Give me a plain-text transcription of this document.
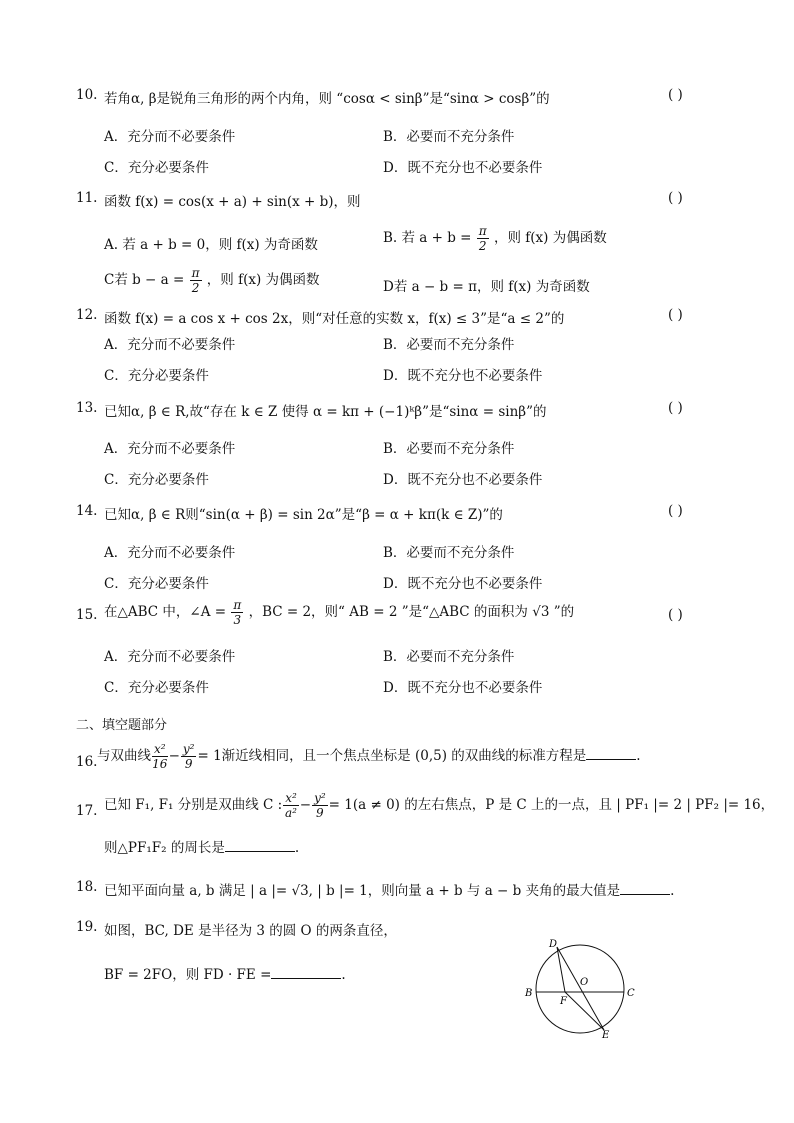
10. 若角α, β是锐角三角形的两个内角，则 “cosα < sinβ”是“sinα > cosβ”的	( )
A．充分而不必要条件	B．必要而不充分条件
C．充分必要条件	D．既不充分也不必要条件
11. 函数 f(x) = cos(x + a) + sin(x + b)，则	( )
A. 若 a + b = 0，则 f(x) 为奇函数	B. 若 $a + b = \frac{\pi}{2}$ ，则 f(x) 为偶函数
C若 $b - a = \frac{\pi}{2}$ ，则 f(x) 为偶函数	D若 a − b = π，则 f(x) 为奇函数
12. 函数 f(x) = a cos x + cos 2x，则“对任意的实数 x，f(x) ≤ 3”是“a ≤ 2”的	( )
A．充分而不必要条件	B．必要而不充分条件
C．充分必要条件	D．既不充分也不必要条件
13. 已知α, β ∈ R,故“存在 k ∈ Z 使得 α = kπ + (−1)ᵏβ”是“sinα = sinβ”的	( )
A．充分而不必要条件	B．必要而不充分条件
C．充分必要条件	D．既不充分也不必要条件
14. 已知α, β ∈ R则“sin(α + β) = sin 2α”是“β = α + kπ(k ∈ Z)”的	( )
A．充分而不必要条件	B．必要而不充分条件
C．充分必要条件	D．既不充分也不必要条件
15. 在△ABC 中，∠A = $\frac{\pi}{3}$ ，BC = 2，则“ AB = 2 ”是“△ABC 的面积为 √3 ”的	( )
A．充分而不必要条件	B．必要而不充分条件
C．充分必要条件	D．既不充分也不必要条件
二、填空题部分
16. 与双曲线 $\frac{\text{x²}}{16} - \frac{\text{y²}}{9} = 1$渐近线相同，且一个焦点坐标是 (0,5) 的双曲线的标准方程是	.
17. 已知 F₁, F₁ 分别是双曲线 C : $\frac{\text{x²}}{\text{a²}} - \frac{\text{y²}}{9} = 1(a \ne 0)$ 的左右焦点，P 是 C 上的一点，且 | PF₁ |= 2 | PF₂ |= 16，
则△PF₁F₂ 的周长是	.
18. 已知平面向量 a, b 满足 | a |= √3, | b |= 1，则向量 a + b 与 a − b 夹角的最大值是	.
19. 如图，BC, DE 是半径为 3 的圆 O 的两条直径，
BF = 2FO，则 FD · FE =	.
D
O
B
F
C
E
